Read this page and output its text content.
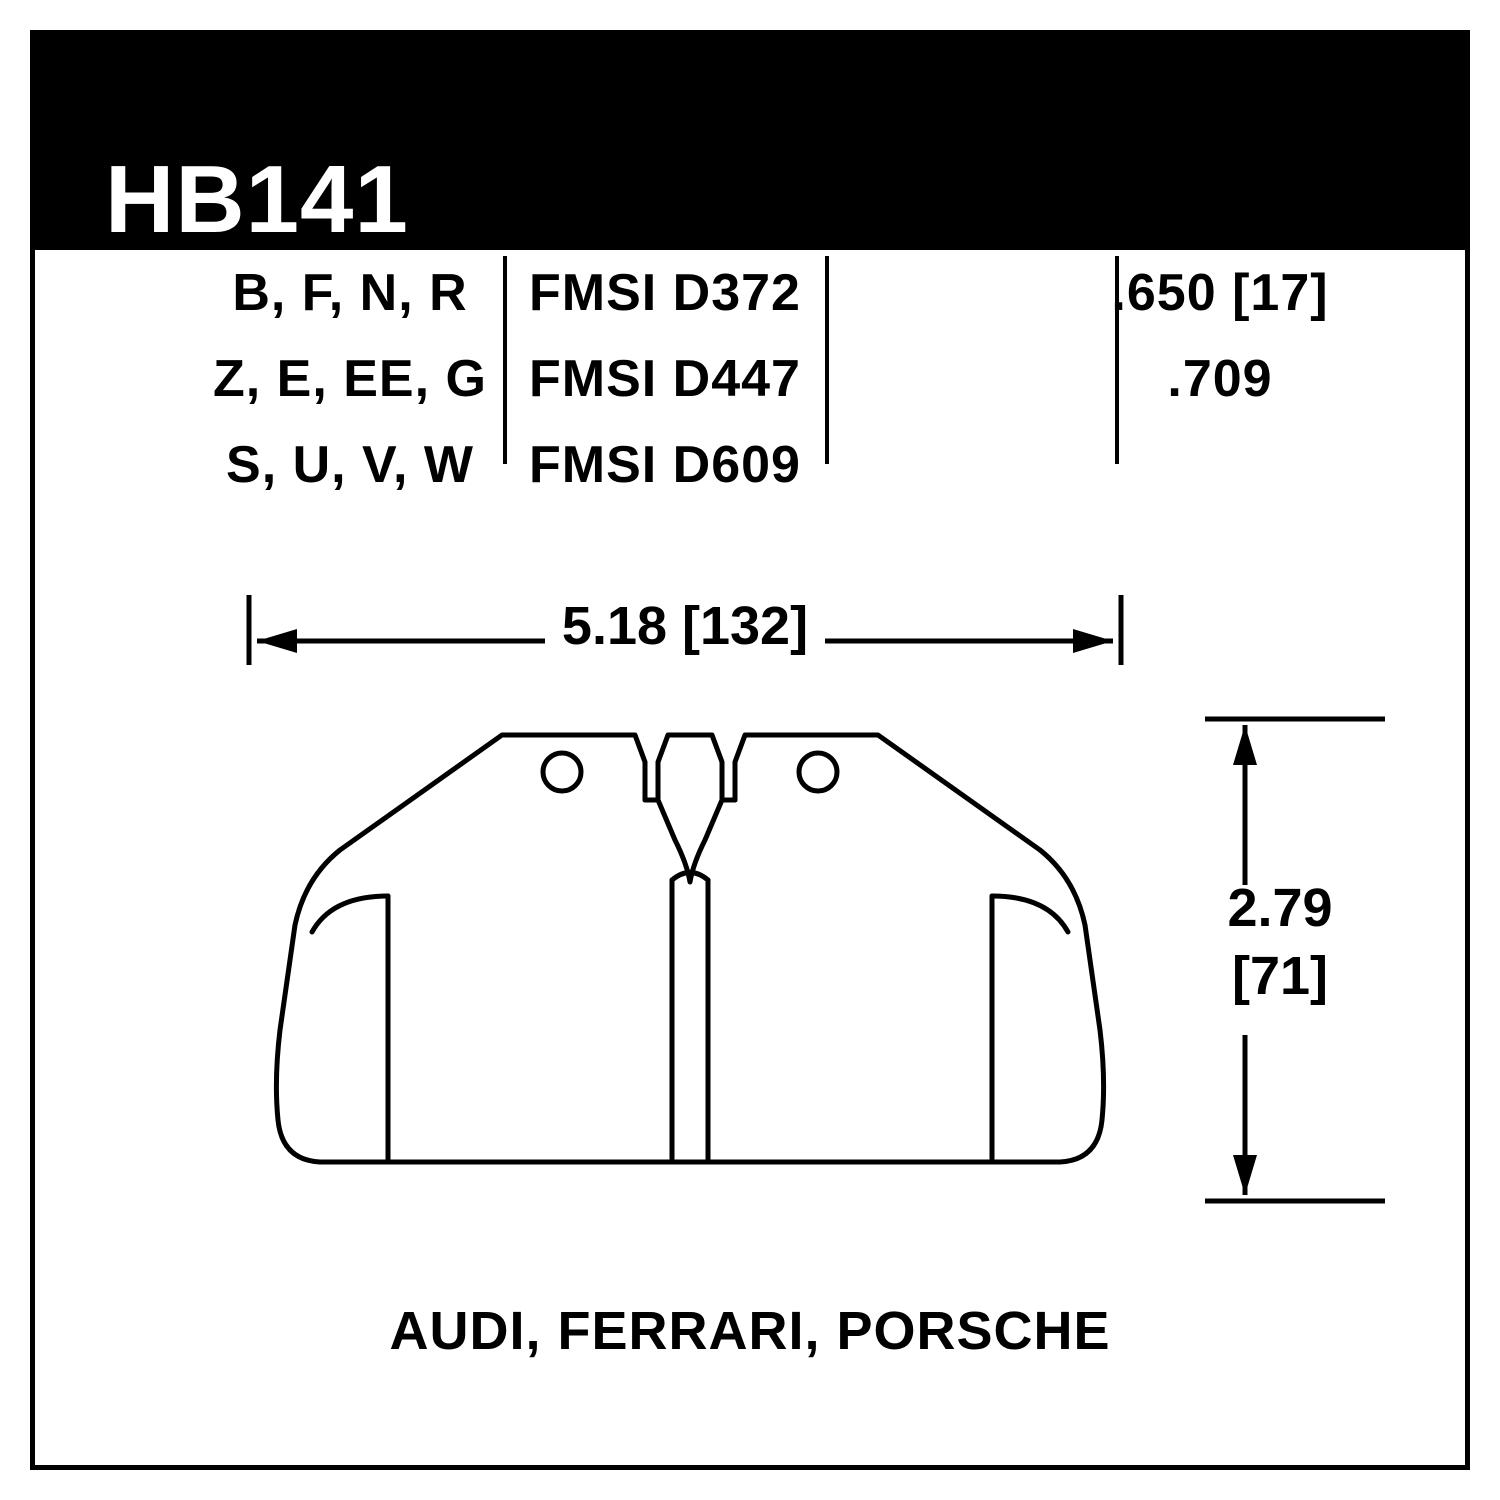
HB141
B, F, N, R	FMSI D372	.650 [17]
Z, E, EE, G FMSI D447	.709
S, U, V, W	FMSI D609
5.18 [132]
2.79
[71]
AUDI, FERRARI, PORSCHE
